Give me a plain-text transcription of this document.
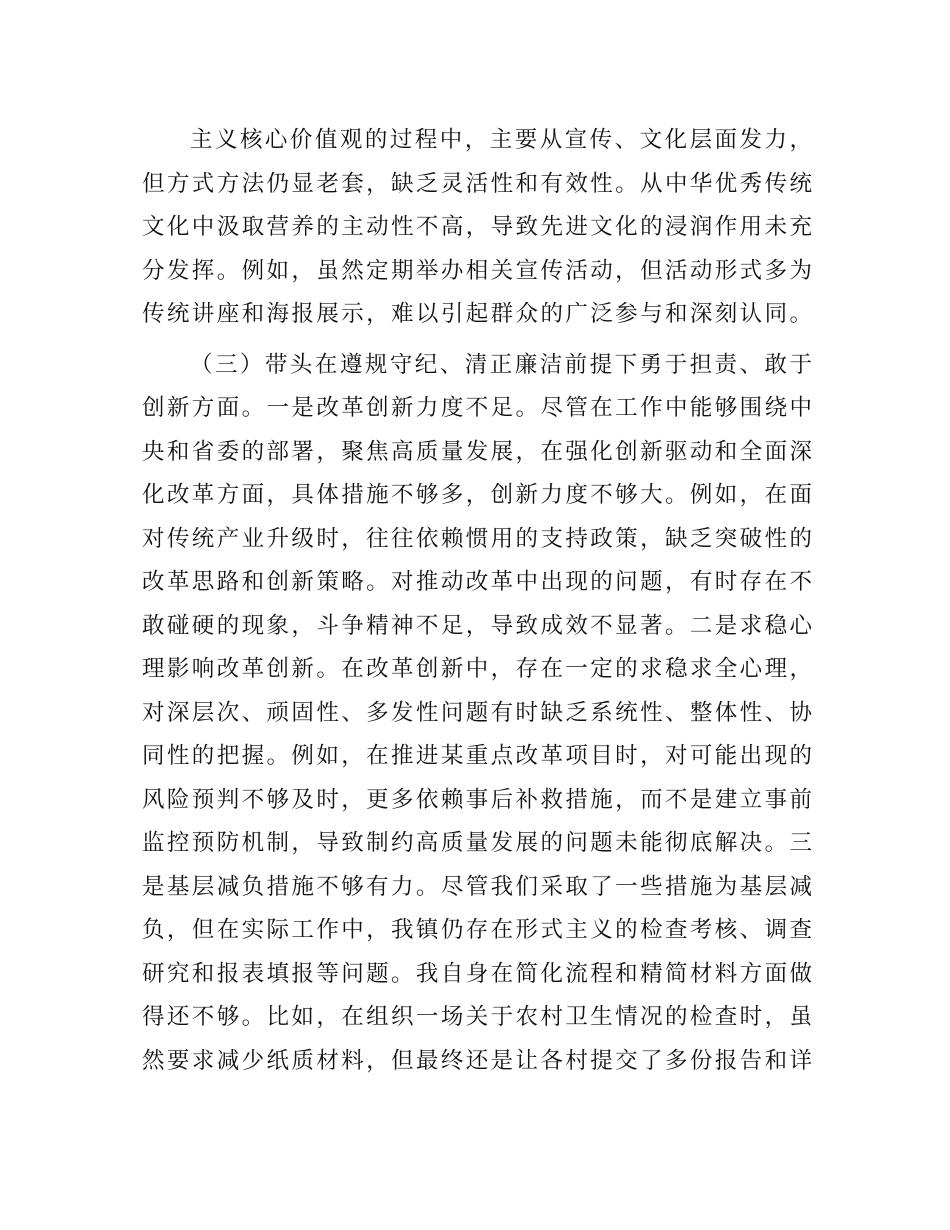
主义核心价值观的过程中，主要从宣传、文化层面发力，
但方式方法仍显老套，缺乏灵活性和有效性。从中华优秀传统
文化中汲取营养的主动性不高，导致先进文化的浸润作用未充
分发挥。例如，虽然定期举办相关宣传活动，但活动形式多为
传统讲座和海报展示，难以引起群众的广泛参与和深刻认同。
（三）带头在遵规守纪、清正廉洁前提下勇于担责、敢于
创新方面。一是改革创新力度不足。尽管在工作中能够围绕中
央和省委的部署，聚焦高质量发展，在强化创新驱动和全面深
化改革方面，具体措施不够多，创新力度不够大。例如，在面
对传统产业升级时，往往依赖惯用的支持政策，缺乏突破性的
改革思路和创新策略。对推动改革中出现的问题，有时存在不
敢碰硬的现象，斗争精神不足，导致成效不显著。二是求稳心
理影响改革创新。在改革创新中，存在一定的求稳求全心理，
对深层次、顽固性、多发性问题有时缺乏系统性、整体性、协
同性的把握。例如，在推进某重点改革项目时，对可能出现的
风险预判不够及时，更多依赖事后补救措施，而不是建立事前
监控预防机制，导致制约高质量发展的问题未能彻底解决。三
是基层减负措施不够有力。尽管我们采取了一些措施为基层减
负，但在实际工作中，我镇仍存在形式主义的检查考核、调查
研究和报表填报等问题。我自身在简化流程和精简材料方面做
得还不够。比如，在组织一场关于农村卫生情况的检查时，虽
然要求减少纸质材料，但最终还是让各村提交了多份报告和详
